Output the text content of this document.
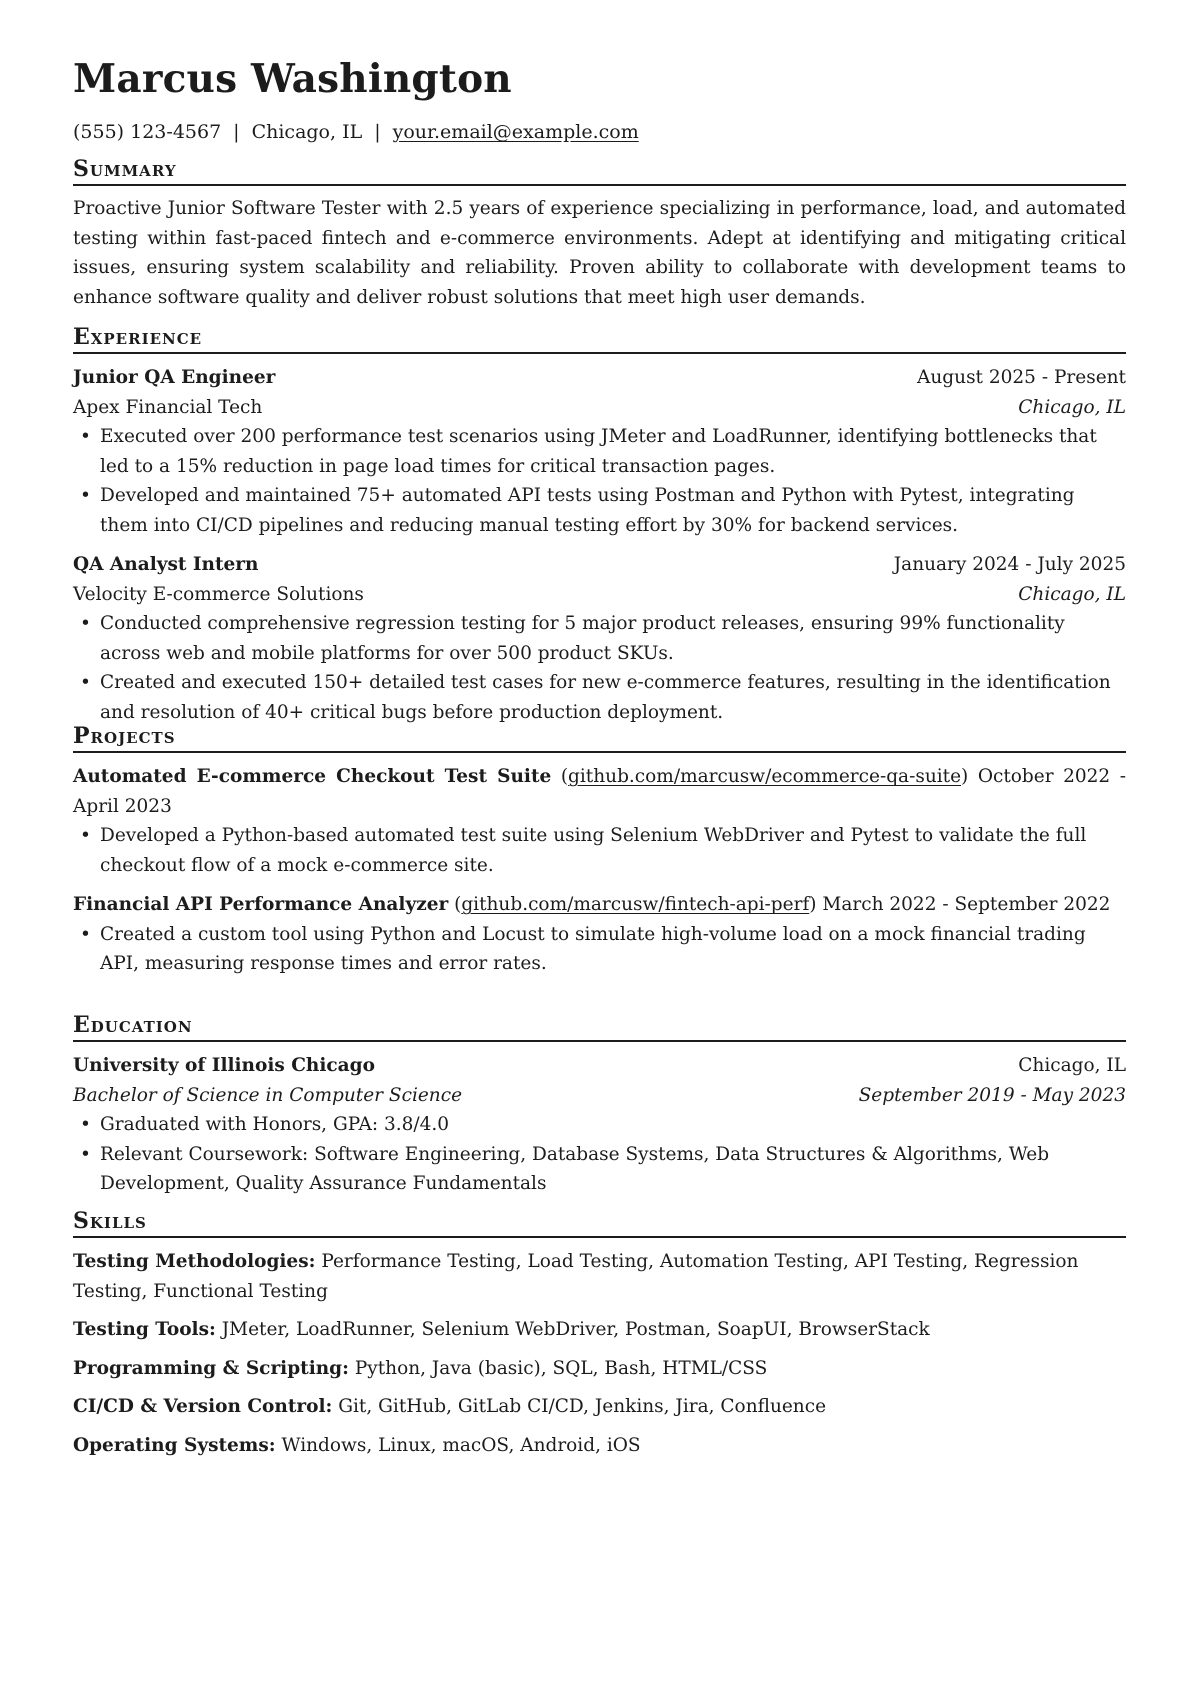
Marcus Washington
(555) 123-4567 | Chicago, IL | your.email@example.com
Summary
Proactive Junior Software Tester with 2.5 years of experience specializing in performance, load, and automated testing within fast-paced fintech and e-commerce environments. Adept at identifying and mitigating critical issues, ensuring system scalability and reliability. Proven ability to collaborate with development teams to enhance software quality and deliver robust solutions that meet high user demands.
Experience
Junior QA Engineer	August 2025 - Present
Apex Financial Tech	Chicago, IL
• Executed over 200 performance test scenarios using JMeter and LoadRunner, identifying bottlenecks that led to a 15% reduction in page load times for critical transaction pages.
• Developed and maintained 75+ automated API tests using Postman and Python with Pytest, integrating them into CI/CD pipelines and reducing manual testing effort by 30% for backend services.
QA Analyst Intern	January 2024 - July 2025
Velocity E-commerce Solutions	Chicago, IL
• Conducted comprehensive regression testing for 5 major product releases, ensuring 99% functionality across web and mobile platforms for over 500 product SKUs.
• Created and executed 150+ detailed test cases for new e-commerce features, resulting in the identification and resolution of 40+ critical bugs before production deployment.
Projects
Automated E-commerce Checkout Test Suite (github.com/marcusw/ecommerce-qa-suite) October 2022 - April 2023
• Developed a Python-based automated test suite using Selenium WebDriver and Pytest to validate the full checkout flow of a mock e-commerce site.
Financial API Performance Analyzer (github.com/marcusw/fintech-api-perf) March 2022 - September 2022
• Created a custom tool using Python and Locust to simulate high-volume load on a mock financial trading API, measuring response times and error rates.
Education
University of Illinois Chicago	Chicago, IL
Bachelor of Science in Computer Science	September 2019 - May 2023
• Graduated with Honors, GPA: 3.8/4.0
• Relevant Coursework: Software Engineering, Database Systems, Data Structures & Algorithms, Web Development, Quality Assurance Fundamentals
Skills
Testing Methodologies: Performance Testing, Load Testing, Automation Testing, API Testing, Regression Testing, Functional Testing
Testing Tools: JMeter, LoadRunner, Selenium WebDriver, Postman, SoapUI, BrowserStack
Programming & Scripting: Python, Java (basic), SQL, Bash, HTML/CSS
CI/CD & Version Control: Git, GitHub, GitLab CI/CD, Jenkins, Jira, Confluence
Operating Systems: Windows, Linux, macOS, Android, iOS
